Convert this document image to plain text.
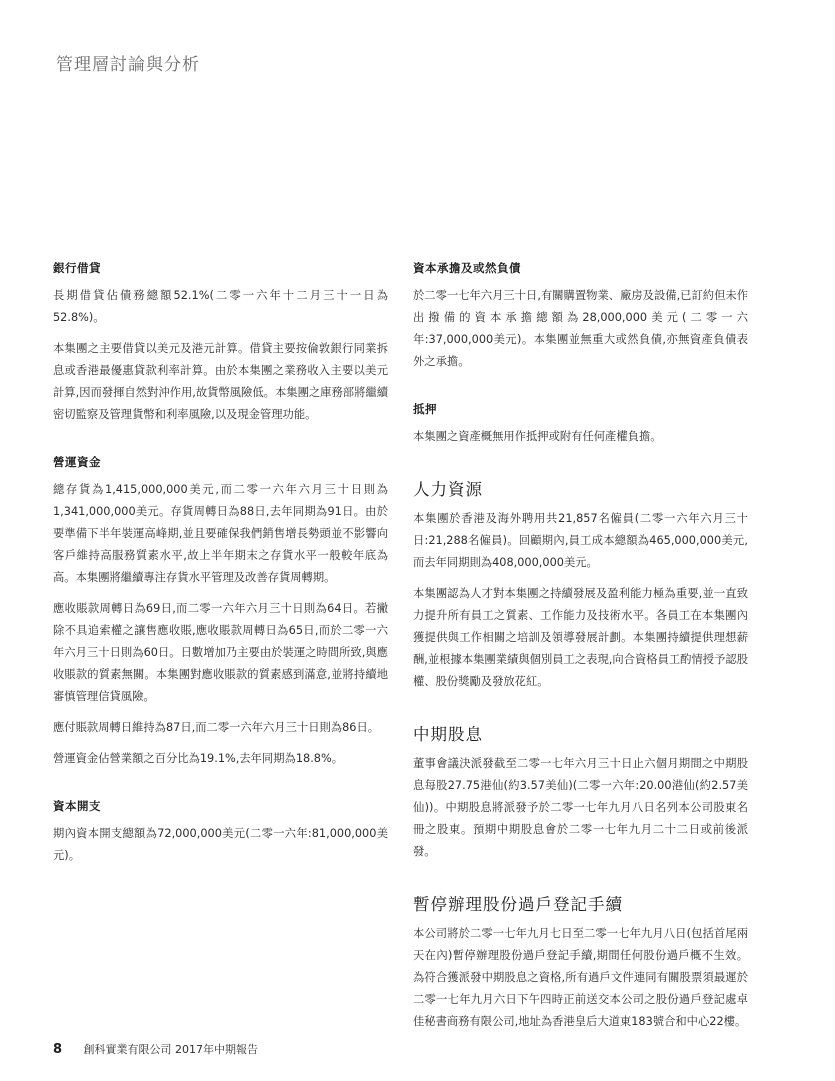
管理層討論與分析
銀行借貸

長期借貸佔債務總額52.1%(二零一六年十二月三十一日為52.8%)。

本集團之主要借貸以美元及港元計算。借貸主要按倫敦銀行同業拆息或香港最優惠貸款利率計算。由於本集團之業務收入主要以美元計算,因而發揮自然對沖作用,故貨幣風險低。本集團之庫務部將繼續密切監察及管理貨幣和利率風險,以及現金管理功能。

營運資金

總存貨為1,415,000,000美元,而二零一六年六月三十日則為1,341,000,000美元。存貨周轉日為88日,去年同期為91日。由於要準備下半年裝運高峰期,並且要確保我們銷售增長勢頭並不影響向客戶維持高服務質素水平,故上半年期末之存貨水平一般較年底為高。本集團將繼續專注存貨水平管理及改善存貨周轉期。

應收賬款周轉日為69日,而二零一六年六月三十日則為64日。若撇除不具追索權之讓售應收賬,應收賬款周轉日為65日,而於二零一六年六月三十日則為60日。日數增加乃主要由於裝運之時間所致,與應收賬款的質素無關。本集團對應收賬款的質素感到滿意,並將持續地審慎管理信貸風險。

應付賬款周轉日維持為87日,而二零一六年六月三十日則為86日。

營運資金佔營業額之百分比為19.1%,去年同期為18.8%。

資本開支

期內資本開支總額為72,000,000美元(二零一六年:81,000,000美元)。

資本承擔及或然負債

於二零一七年六月三十日,有關購置物業、廠房及設備,已訂約但未作出撥備的資本承擔總額為28,000,000美元(二零一六年:37,000,000美元)。本集團並無重大或然負債,亦無資產負債表外之承擔。

抵押

本集團之資產概無用作抵押或附有任何產權負擔。

人力資源

本集團於香港及海外聘用共21,857名僱員(二零一六年六月三十日:21,288名僱員)。回顧期內,員工成本總額為465,000,000美元,而去年同期則為408,000,000美元。

本集團認為人才對本集團之持續發展及盈利能力極為重要,並一直致力提升所有員工之質素、工作能力及技術水平。各員工在本集團內獲提供與工作相關之培訓及領導發展計劃。本集團持續提供理想薪酬,並根據本集團業績與個別員工之表現,向合資格員工酌情授予認股權、股份獎勵及發放花紅。

中期股息

董事會議決派發截至二零一七年六月三十日止六個月期間之中期股息每股27.75港仙(約3.57美仙)(二零一六年:20.00港仙(約2.57美仙))。中期股息將派發予於二零一七年九月八日名列本公司股東名冊之股東。預期中期股息會於二零一七年九月二十二日或前後派發。

暫停辦理股份過戶登記手續

本公司將於二零一七年九月七日至二零一七年九月八日(包括首尾兩天在內)暫停辦理股份過戶登記手續,期間任何股份過戶概不生效。為符合獲派發中期股息之資格,所有過戶文件連同有關股票須最遲於二零一七年九月六日下午四時正前送交本公司之股份過戶登記處卓佳秘書商務有限公司,地址為香港皇后大道東183號合和中心22樓。

8 創科實業有限公司 2017年中期報告
